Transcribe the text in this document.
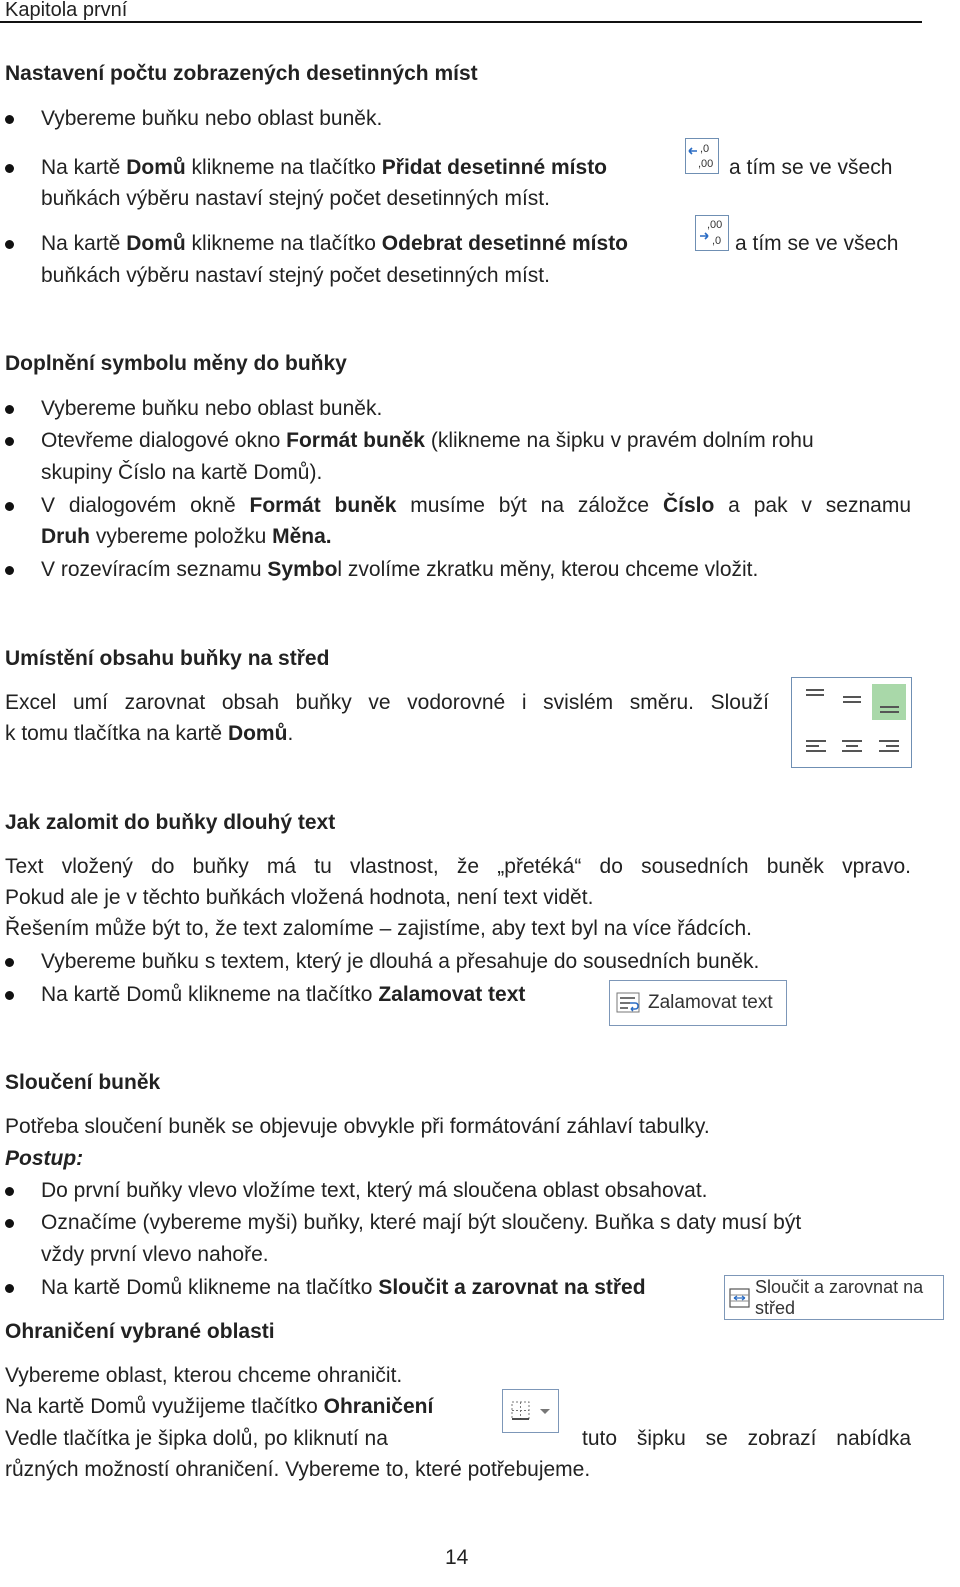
Kapitola první
Nastavení počtu zobrazených desetinných míst
Vybereme buňku nebo oblast buněk.
Na kartě Domů klikneme na tlačítko Přidat desetinné místo
,0
,00 a tím se ve všech
buňkách výběru nastaví stejný počet desetinných míst.
Na kartě Domů klikneme na tlačítko Odebrat desetinné místo
,00
,0 a tím se ve všech
buňkách výběru nastaví stejný počet desetinných míst.
Doplnění symbolu měny do buňky
Vybereme buňku nebo oblast buněk.
Otevřeme dialogové okno Formát buněk (klikneme na šipku v pravém dolním rohu
skupiny Číslo na kartě Domů).
V dialogovém okně Formát buněk musíme být na záložce Číslo a pak v seznamu
Druh vybereme položku Měna.
V rozevíracím seznamu Symbol zvolíme zkratku měny, kterou chceme vložit.
Umístění obsahu buňky na střed
Excel umí zarovnat obsah buňky ve vodorovné i svislém směru. Slouží
k tomu tlačítka na kartě Domů.
Jak zalomit do buňky dlouhý text
Text vložený do buňky má tu vlastnost, že „přetéká“ do sousedních buněk vpravo.
Pokud ale je v těchto buňkách vložená hodnota, není text vidět.
Řešením může být to, že text zalomíme – zajistíme, aby text byl na více řádcích.
Vybereme buňku s textem, který je dlouhá a přesahuje do sousedních buněk.
Na kartě Domů klikneme na tlačítko Zalamovat text	Zalamovat text
Sloučení buněk
Potřeba sloučení buněk se objevuje obvykle při formátování záhlaví tabulky.
Postup:
Do první buňky vlevo vložíme text, který má sloučena oblast obsahovat.
Označíme (vybereme myši) buňky, které mají být sloučeny. Buňka s daty musí být
vždy první vlevo nahoře.
Na kartě Domů klikneme na tlačítko Sloučit a zarovnat na střed	Sloučit a zarovnat na střed
Ohraničení vybrané oblasti
Vybereme oblast, kterou chceme ohraničit.
Na kartě Domů využijeme tlačítko Ohraničení
Vedle tlačítka je šipka dolů, po kliknutí na	tuto šipku se zobrazí nabídka
různých možností ohraničení. Vybereme to, které potřebujeme.
14
